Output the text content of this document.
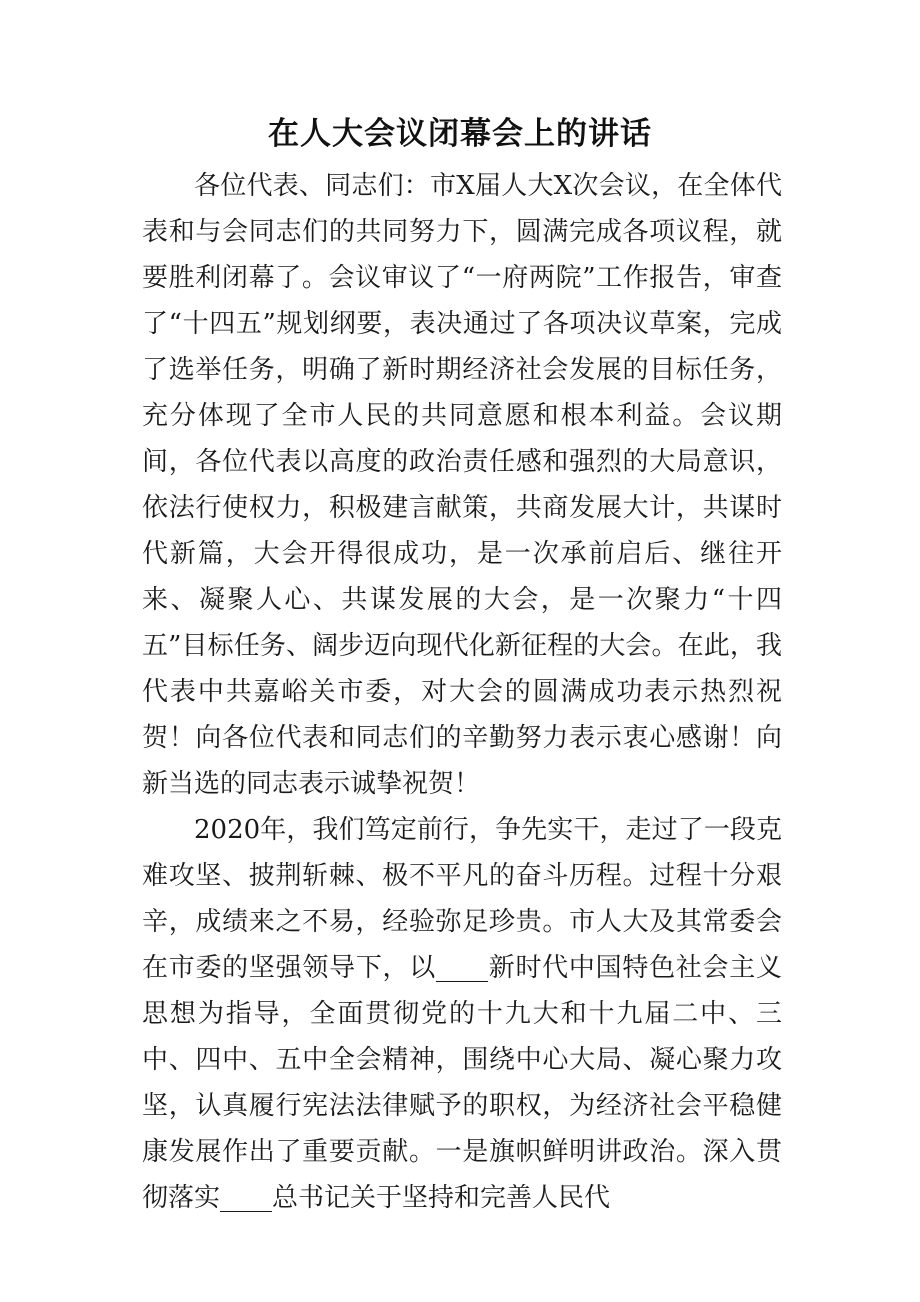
在人大会议闭幕会上的讲话

各位代表、同志们：市X届人大X次会议，在全体代表和与会同志们的共同努力下，圆满完成各项议程，就要胜利闭幕了。会议审议了“一府两院”工作报告，审查了“十四五”规划纲要，表决通过了各项决议草案，完成了选举任务，明确了新时期经济社会发展的目标任务，充分体现了全市人民的共同意愿和根本利益。会议期间，各位代表以高度的政治责任感和强烈的大局意识，依法行使权力，积极建言献策，共商发展大计，共谋时代新篇，大会开得很成功，是一次承前启后、继往开来、凝聚人心、共谋发展的大会，是一次聚力“十四五”目标任务、阔步迈向现代化新征程的大会。在此，我代表中共嘉峪关市委，对大会的圆满成功表示热烈祝贺！向各位代表和同志们的辛勤努力表示衷心感谢！向新当选的同志表示诚挚祝贺！

2020年，我们笃定前行，争先实干，走过了一段克难攻坚、披荆斩棘、极不平凡的奋斗历程。过程十分艰辛，成绩来之不易，经验弥足珍贵。市人大及其常委会在市委的坚强领导下，以____新时代中国特色社会主义思想为指导，全面贯彻党的十九大和十九届二中、三中、四中、五中全会精神，围绕中心大局、凝心聚力攻坚，认真履行宪法法律赋予的职权，为经济社会平稳健康发展作出了重要贡献。一是旗帜鲜明讲政治。深入贯彻落实____总书记关于坚持和完善人民代
